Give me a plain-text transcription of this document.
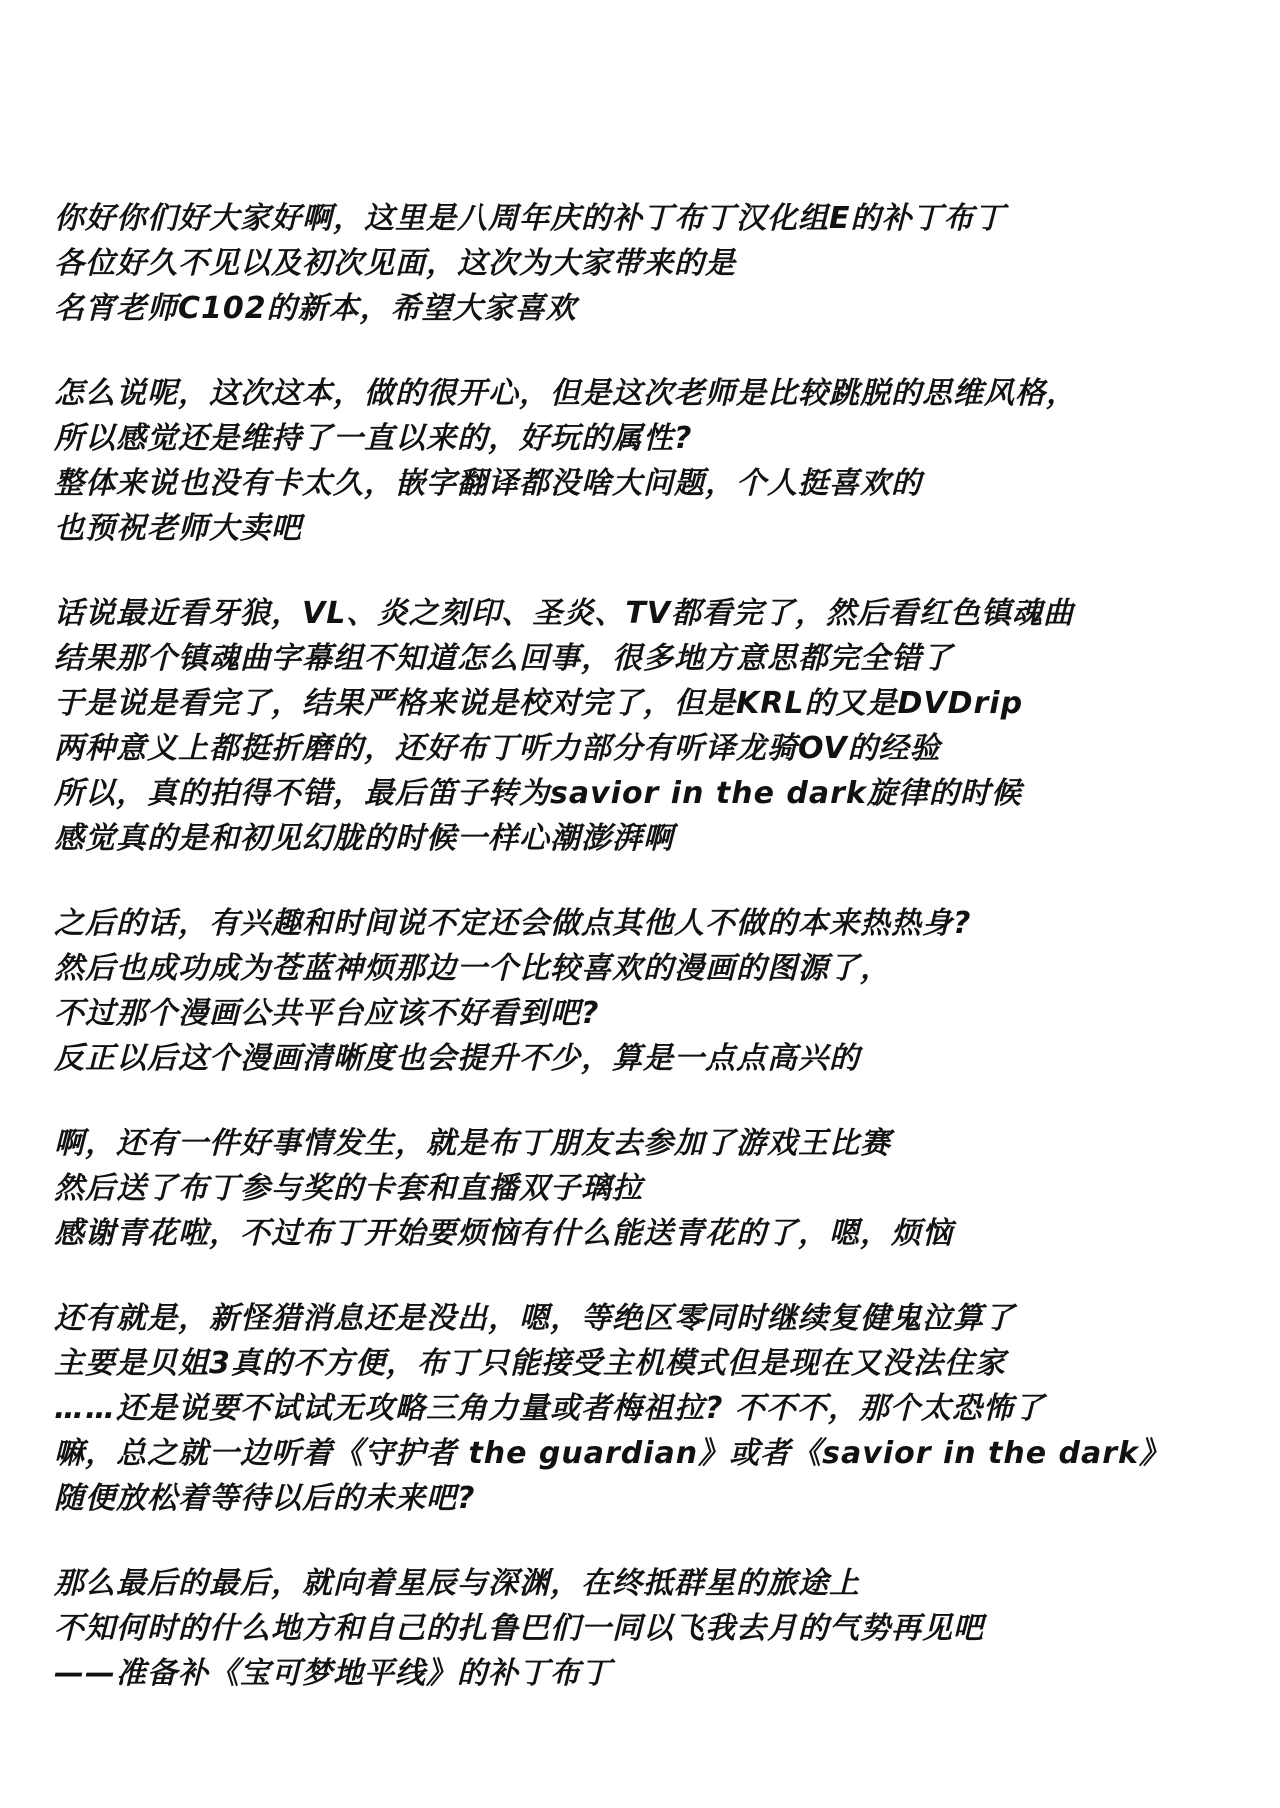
你好你们好大家好啊，这里是八周年庆的补丁布丁汉化组E的补丁布丁
各位好久不见以及初次见面，这次为大家带来的是
名宵老师C102的新本，希望大家喜欢
怎么说呢，这次这本，做的很开心，但是这次老师是比较跳脱的思维风格，
所以感觉还是维持了一直以来的，好玩的属性?
整体来说也没有卡太久，嵌字翻译都没啥大问题，个人挺喜欢的
也预祝老师大卖吧
话说最近看牙狼，VL、炎之刻印、圣炎、TV都看完了，然后看红色镇魂曲
结果那个镇魂曲字幕组不知道怎么回事，很多地方意思都完全错了
于是说是看完了，结果严格来说是校对完了，但是KRL的又是DVDrip
两种意义上都挺折磨的，还好布丁听力部分有听译龙骑OV的经验
所以，真的拍得不错，最后笛子转为savior in the dark旋律的时候
感觉真的是和初见幻胧的时候一样心潮澎湃啊
之后的话，有兴趣和时间说不定还会做点其他人不做的本来热热身?
然后也成功成为苍蓝神烦那边一个比较喜欢的漫画的图源了，
不过那个漫画公共平台应该不好看到吧?
反正以后这个漫画清晰度也会提升不少，算是一点点高兴的
啊，还有一件好事情发生，就是布丁朋友去参加了游戏王比赛
然后送了布丁参与奖的卡套和直播双子璃拉
感谢青花啦，不过布丁开始要烦恼有什么能送青花的了，嗯，烦恼
还有就是，新怪猎消息还是没出，嗯，等绝区零同时继续复健鬼泣算了
主要是贝姐3真的不方便，布丁只能接受主机模式但是现在又没法住家
……还是说要不试试无攻略三角力量或者梅祖拉? 不不不，那个太恐怖了
嘛，总之就一边听着《守护者 the guardian》或者《savior in the dark》
随便放松着等待以后的未来吧?
那么最后的最后，就向着星辰与深渊，在终抵群星的旅途上
不知何时的什么地方和自己的扎鲁巴们一同以飞我去月的气势再见吧
——准备补《宝可梦地平线》的补丁布丁
